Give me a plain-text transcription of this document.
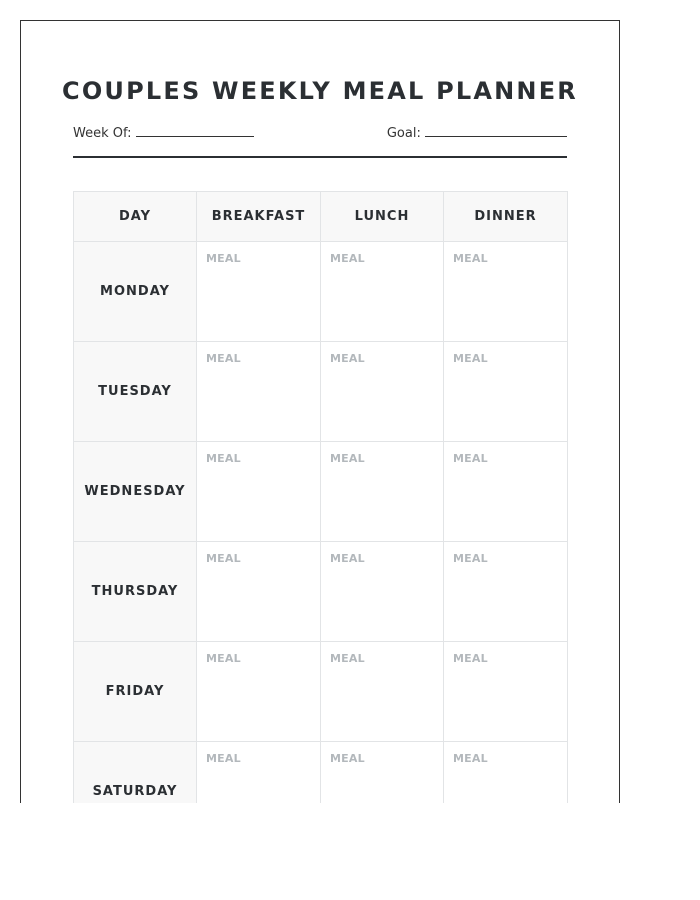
COUPLES WEEKLY MEAL PLANNER
Week Of:	Goal:
DAY	BREAKFAST	LUNCH	DINNER
MONDAY	MEAL	MEAL	MEAL

TUESDAY	MEAL	MEAL	MEAL

WEDNESDAY	MEAL	MEAL	MEAL

THURSDAY	MEAL	MEAL	MEAL

FRIDAY	MEAL	MEAL	MEAL

SATURDAY	MEAL	MEAL	MEAL
